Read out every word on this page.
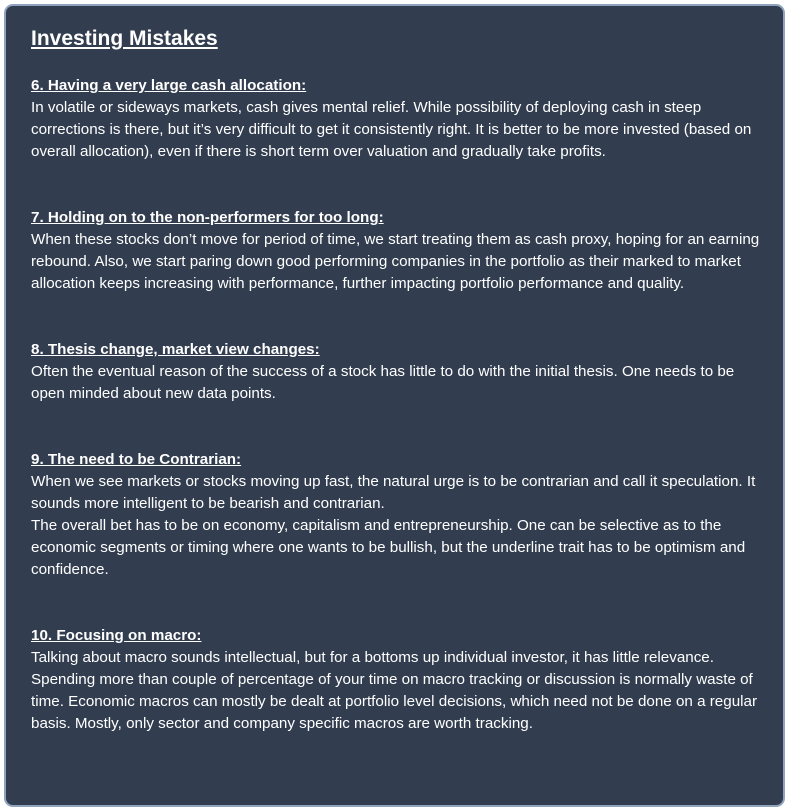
Investing Mistakes
6. Having a very large cash allocation:
In volatile or sideways markets, cash gives mental relief. While possibility of deploying cash in steep corrections is there, but it’s very difficult to get it consistently right. It is better to be more invested (based on overall allocation), even if there is short term over valuation and gradually take profits.
7. Holding on to the non-performers for too long:
When these stocks don’t move for period of time, we start treating them as cash proxy, hoping for an earning rebound. Also, we start paring down good performing companies in the portfolio as their marked to market allocation keeps increasing with performance, further impacting portfolio performance and quality.
8. Thesis change, market view changes:
Often the eventual reason of the success of a stock has little to do with the initial thesis. One needs to be open minded about new data points.
9. The need to be Contrarian:
When we see markets or stocks moving up fast, the natural urge is to be contrarian and call it speculation. It sounds more intelligent to be bearish and contrarian.
The overall bet has to be on economy, capitalism and entrepreneurship. One can be selective as to the economic segments or timing where one wants to be bullish, but the underline trait has to be optimism and confidence.
10. Focusing on macro:
Talking about macro sounds intellectual, but for a bottoms up individual investor, it has little relevance. Spending more than couple of percentage of your time on macro tracking or discussion is normally waste of time. Economic macros can mostly be dealt at portfolio level decisions, which need not be done on a regular basis. Mostly, only sector and company specific macros are worth tracking.
